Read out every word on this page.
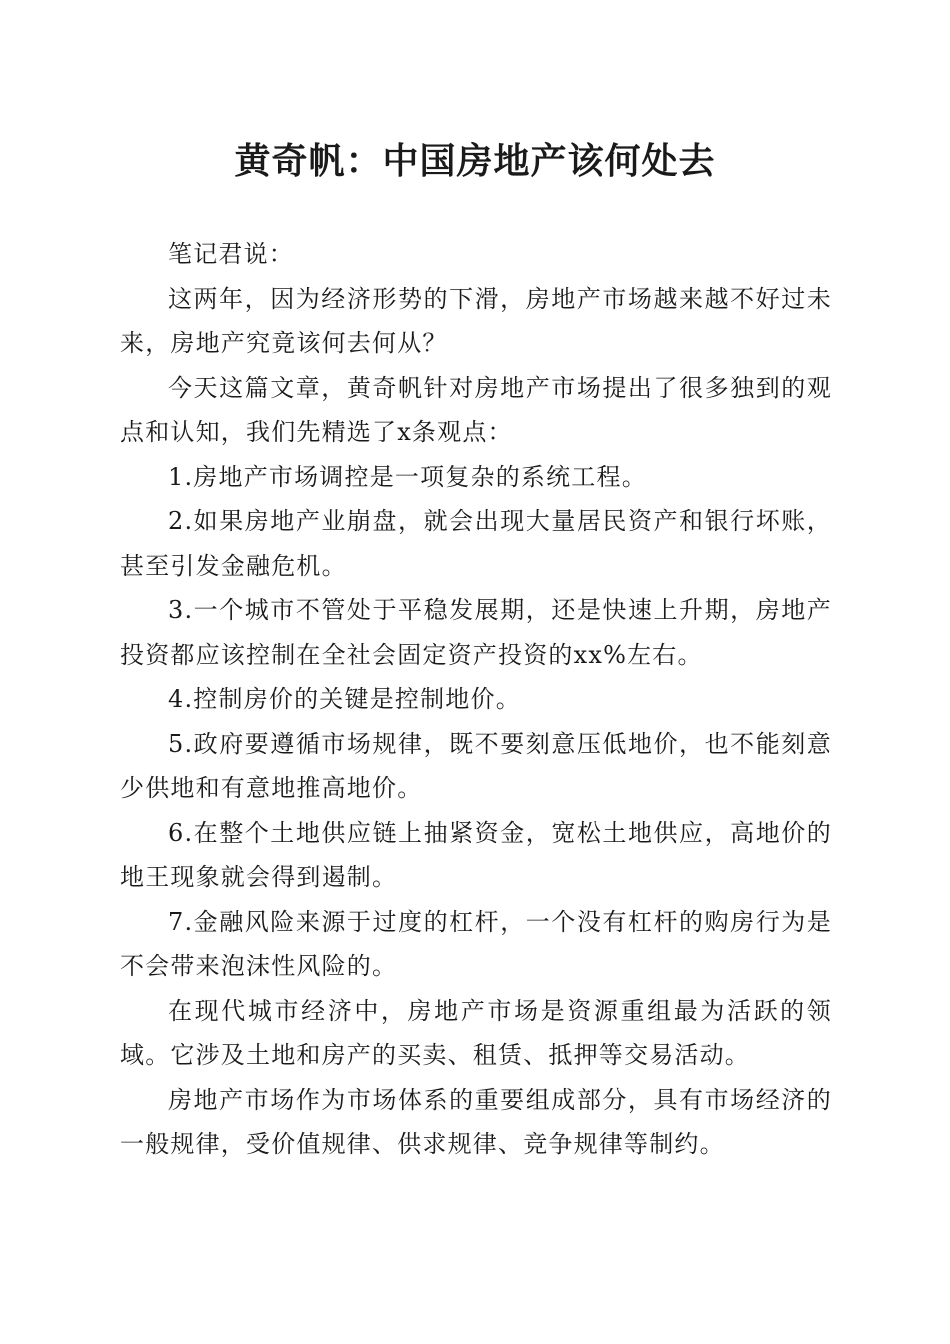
黄奇帆：中国房地产该何处去

笔记君说：

这两年，因为经济形势的下滑，房地产市场越来越不好过未来，房地产究竟该何去何从？

今天这篇文章，黄奇帆针对房地产市场提出了很多独到的观点和认知，我们先精选了x条观点：

1.房地产市场调控是一项复杂的系统工程。

2.如果房地产业崩盘，就会出现大量居民资产和银行坏账，甚至引发金融危机。

3.一个城市不管处于平稳发展期，还是快速上升期，房地产投资都应该控制在全社会固定资产投资的xx%左右。

4.控制房价的关键是控制地价。

5.政府要遵循市场规律，既不要刻意压低地价，也不能刻意少供地和有意地推高地价。

6.在整个土地供应链上抽紧资金，宽松土地供应，高地价的地王现象就会得到遏制。

7.金融风险来源于过度的杠杆，一个没有杠杆的购房行为是不会带来泡沫性风险的。

在现代城市经济中，房地产市场是资源重组最为活跃的领域。它涉及土地和房产的买卖、租赁、抵押等交易活动。

房地产市场作为市场体系的重要组成部分，具有市场经济的一般规律，受价值规律、供求规律、竞争规律等制约。
